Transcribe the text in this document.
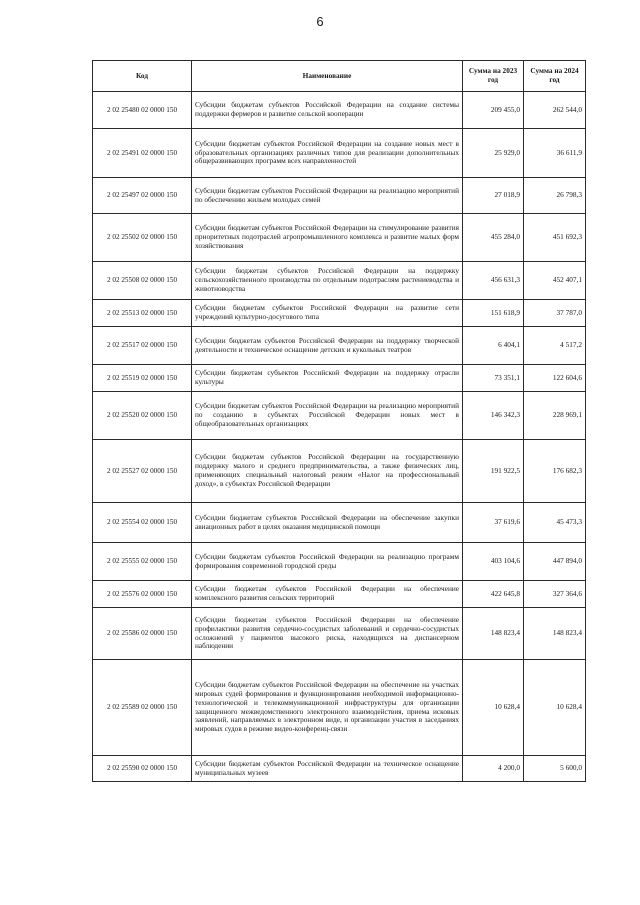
6
Код	Наименование	Сумма на 2023 год	Сумма на 2024 год
2 02 25480 02 0000 150	Субсидии бюджетам субъектов Российской Федерации на создание системы поддержки фермеров и развитие сельской кооперации	209 455,0	262 544,0
2 02 25491 02 0000 150	Субсидии бюджетам субъектов Российской Федерации на создание новых мест в образовательных организациях различных типов для реализации дополнительных общеразвивающих программ всех направленностей	25 929,0	36 611,9
2 02 25497 02 0000 150	Субсидии бюджетам субъектов Российской Федерации на реализацию мероприятий по обеспечению жильем молодых семей	27 018,9	26 798,3
2 02 25502 02 0000 150	Субсидии бюджетам субъектов Российской Федерации на стимулирование развития приоритетных подотраслей агропромышленного комплекса и развитие малых форм хозяйствования	455 284,0	451 692,3
2 02 25508 02 0000 150	Субсидии бюджетам субъектов Российской Федерации на поддержку сельскохозяйственного производства по отдельным подотраслям растениеводства и животноводства	456 631,3	452 407,1
2 02 25513 02 0000 150	Субсидии бюджетам субъектов Российской Федерации на развитие сети учреждений культурно-досугового типа	151 618,9	37 787,0
2 02 25517 02 0000 150	Субсидии бюджетам субъектов Российской Федерации на поддержку творческой деятельности и техническое оснащение детских и кукольных театров	6 404,1	4 517,2
2 02 25519 02 0000 150	Субсидии бюджетам субъектов Российской Федерации на поддержку отрасли культуры	73 351,1	122 604,6
2 02 25520 02 0000 150	Субсидии бюджетам субъектов Российской Федерации на реализацию мероприятий по созданию в субъектах Российской Федерации новых мест в общеобразовательных организациях	146 342,3	228 969,1
2 02 25527 02 0000 150	Субсидии бюджетам субъектов Российской Федерации на государственную поддержку малого и среднего предпринимательства, а также физических лиц, применяющих специальный налоговый режим «Налог на профессиональный доход», в субъектах Российской Федерации	191 922,5	176 682,3
2 02 25554 02 0000 150	Субсидии бюджетам субъектов Российской Федерации на обеспечение закупки авиационных работ в целях оказания медицинской помощи	37 619,6	45 473,3
2 02 25555 02 0000 150	Субсидии бюджетам субъектов Российской Федерации на реализацию программ формирования современной городской среды	403 104,6	447 894,0
2 02 25576 02 0000 150	Субсидии бюджетам субъектов Российской Федерации на обеспечение комплексного развития сельских территорий	422 645,8	327 364,6
2 02 25586 02 0000 150	Субсидии бюджетам субъектов Российской Федерации на обеспечение профилактики развития сердечно-сосудистых заболеваний и сердечно-сосудистых осложнений у пациентов высокого риска, находящихся на диспансерном наблюдении	148 823,4	148 823,4
2 02 25589 02 0000 150	Субсидии бюджетам субъектов Российской Федерации на обеспечение на участках мировых судей формирования и функционирования необходимой информационно-технологической и телекоммуникационной инфраструктуры для организации защищенного межведомственного электронного взаимодействия, приема исковых заявлений, направляемых в электронном виде, и организации участия в заседаниях мировых судов в режиме видео-конференц-связи	10 628,4	10 628,4
2 02 25590 02 0000 150	Субсидии бюджетам субъектов Российской Федерации на техническое оснащение муниципальных музеев	4 200,0	5 600,0
